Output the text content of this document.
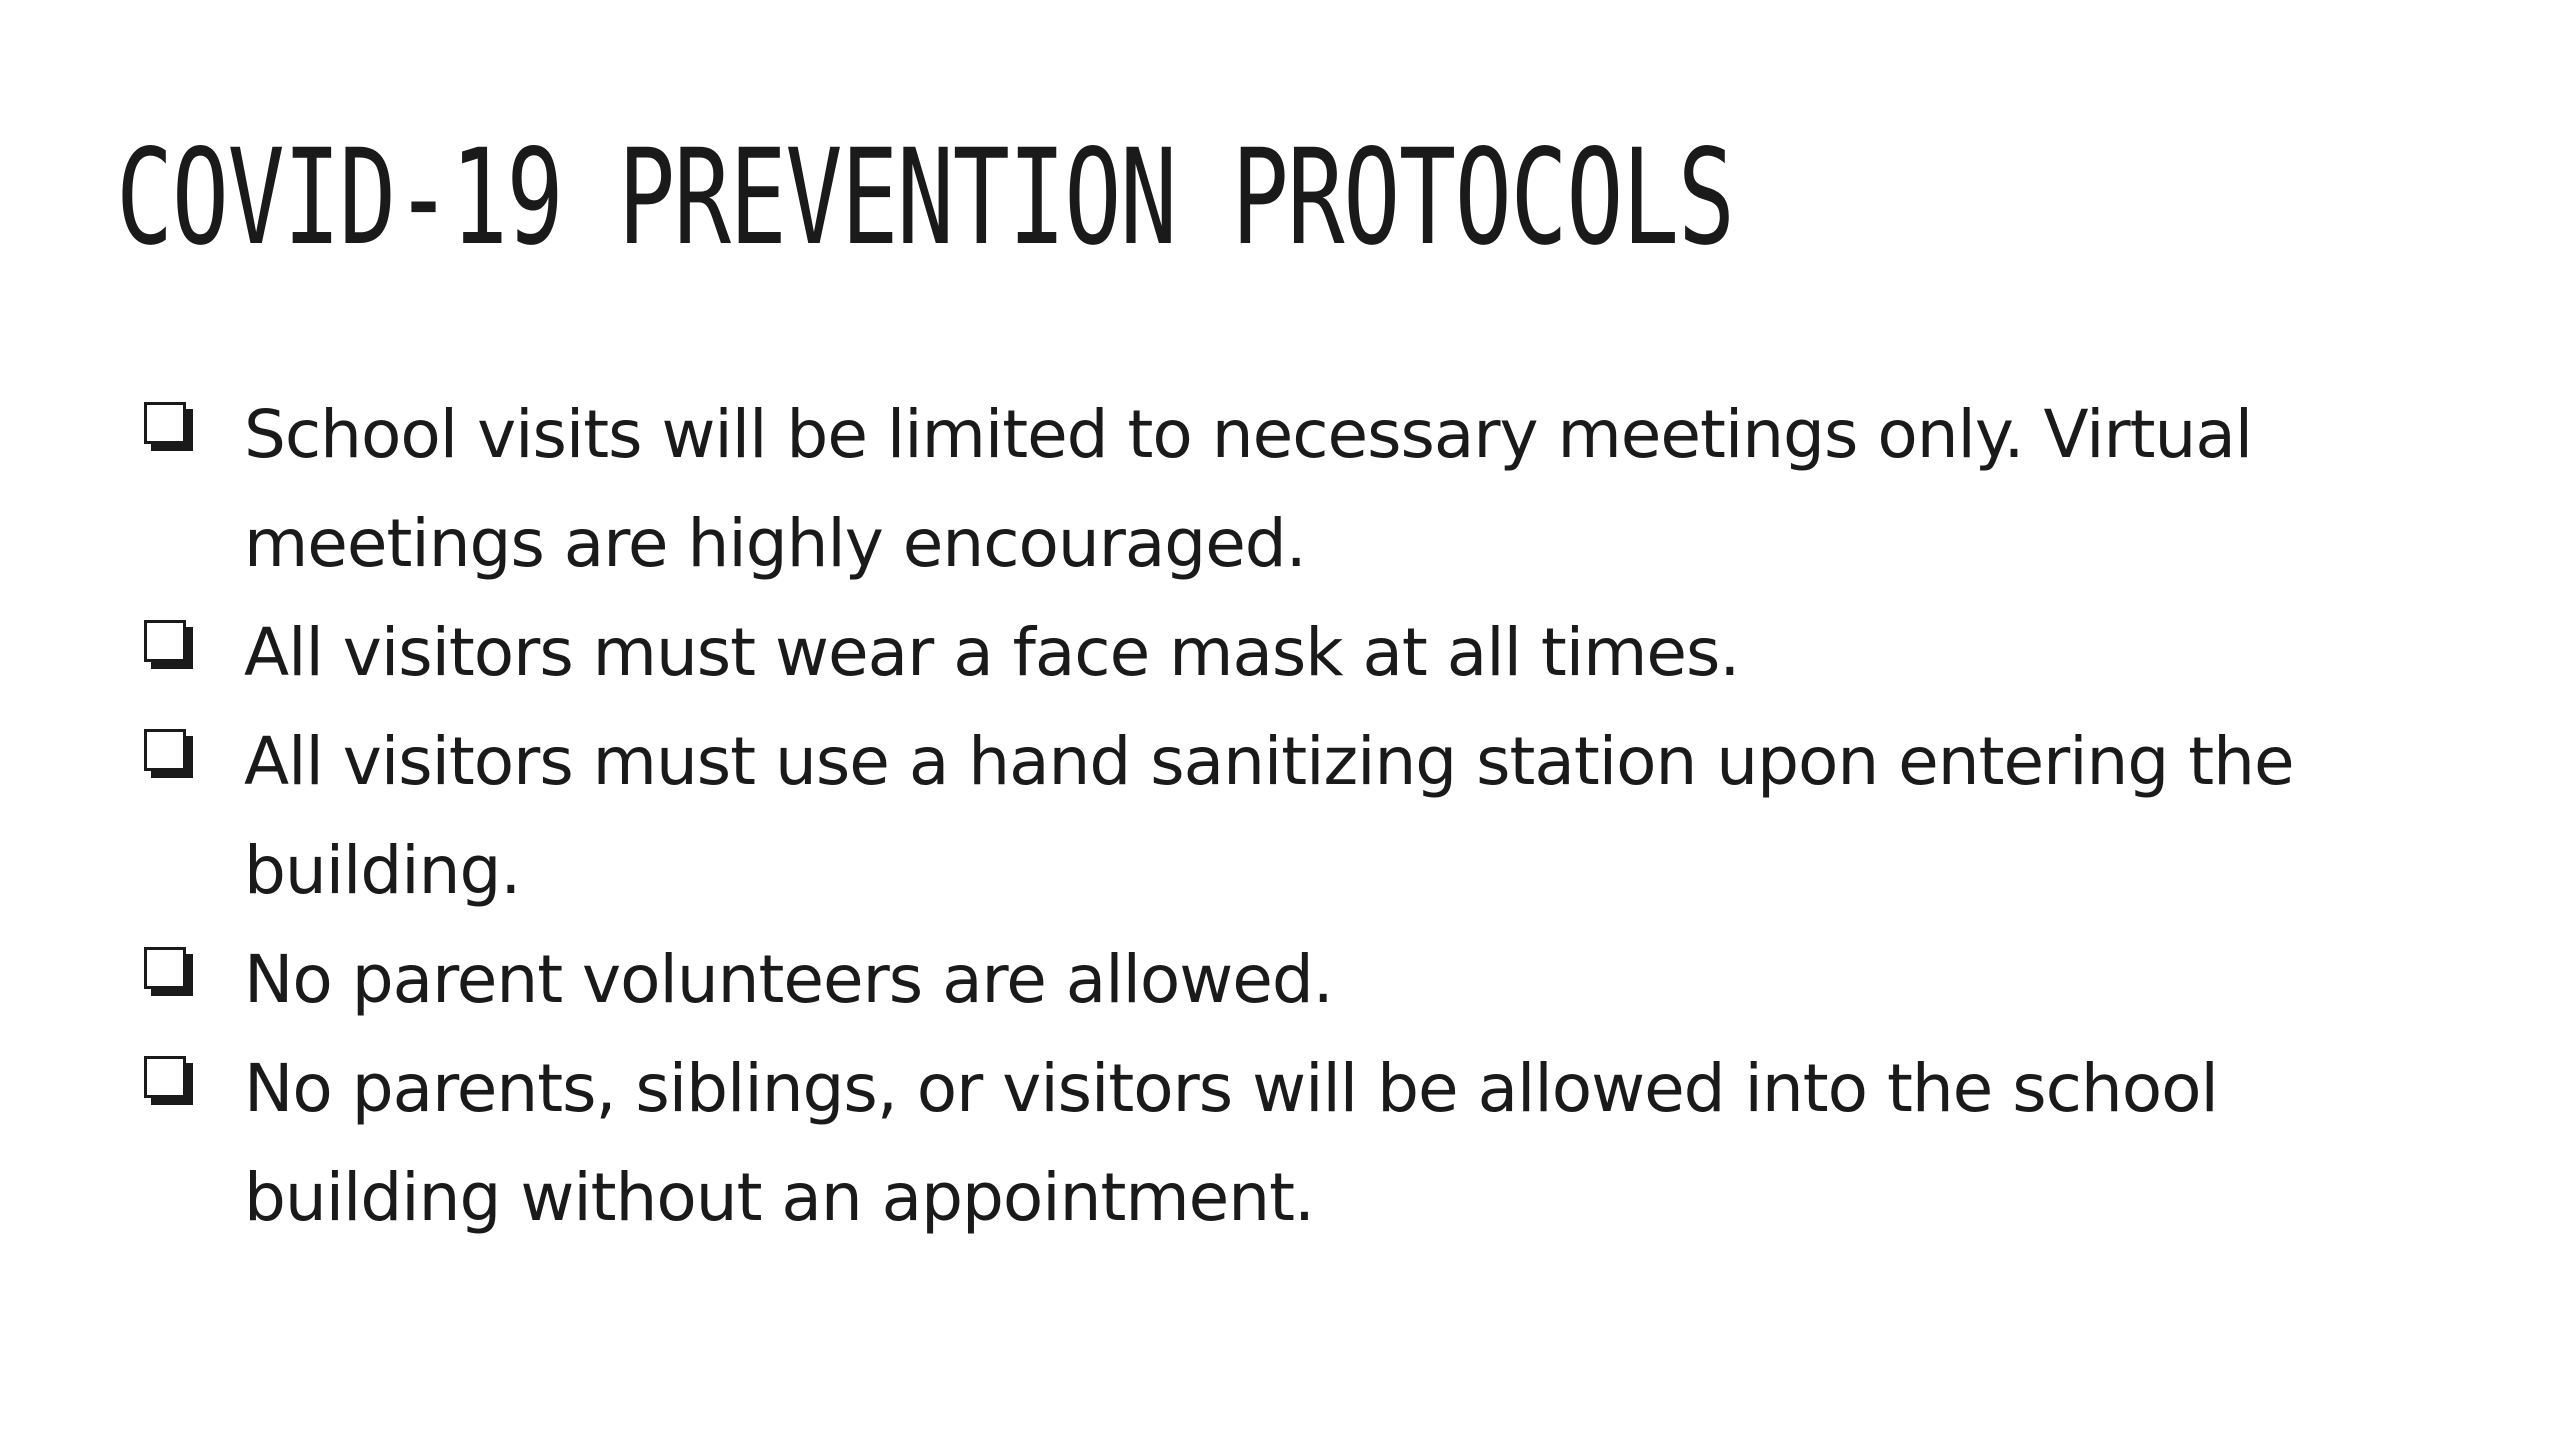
COVID-19 PREVENTION PROTOCOLS
School visits will be limited to necessary meetings only. Virtual meetings are highly encouraged.
All visitors must wear a face mask at all times.
All visitors must use a hand sanitizing station upon entering the building.
No parent volunteers are allowed.
No parents, siblings, or visitors will be allowed into the school building without an appointment.
